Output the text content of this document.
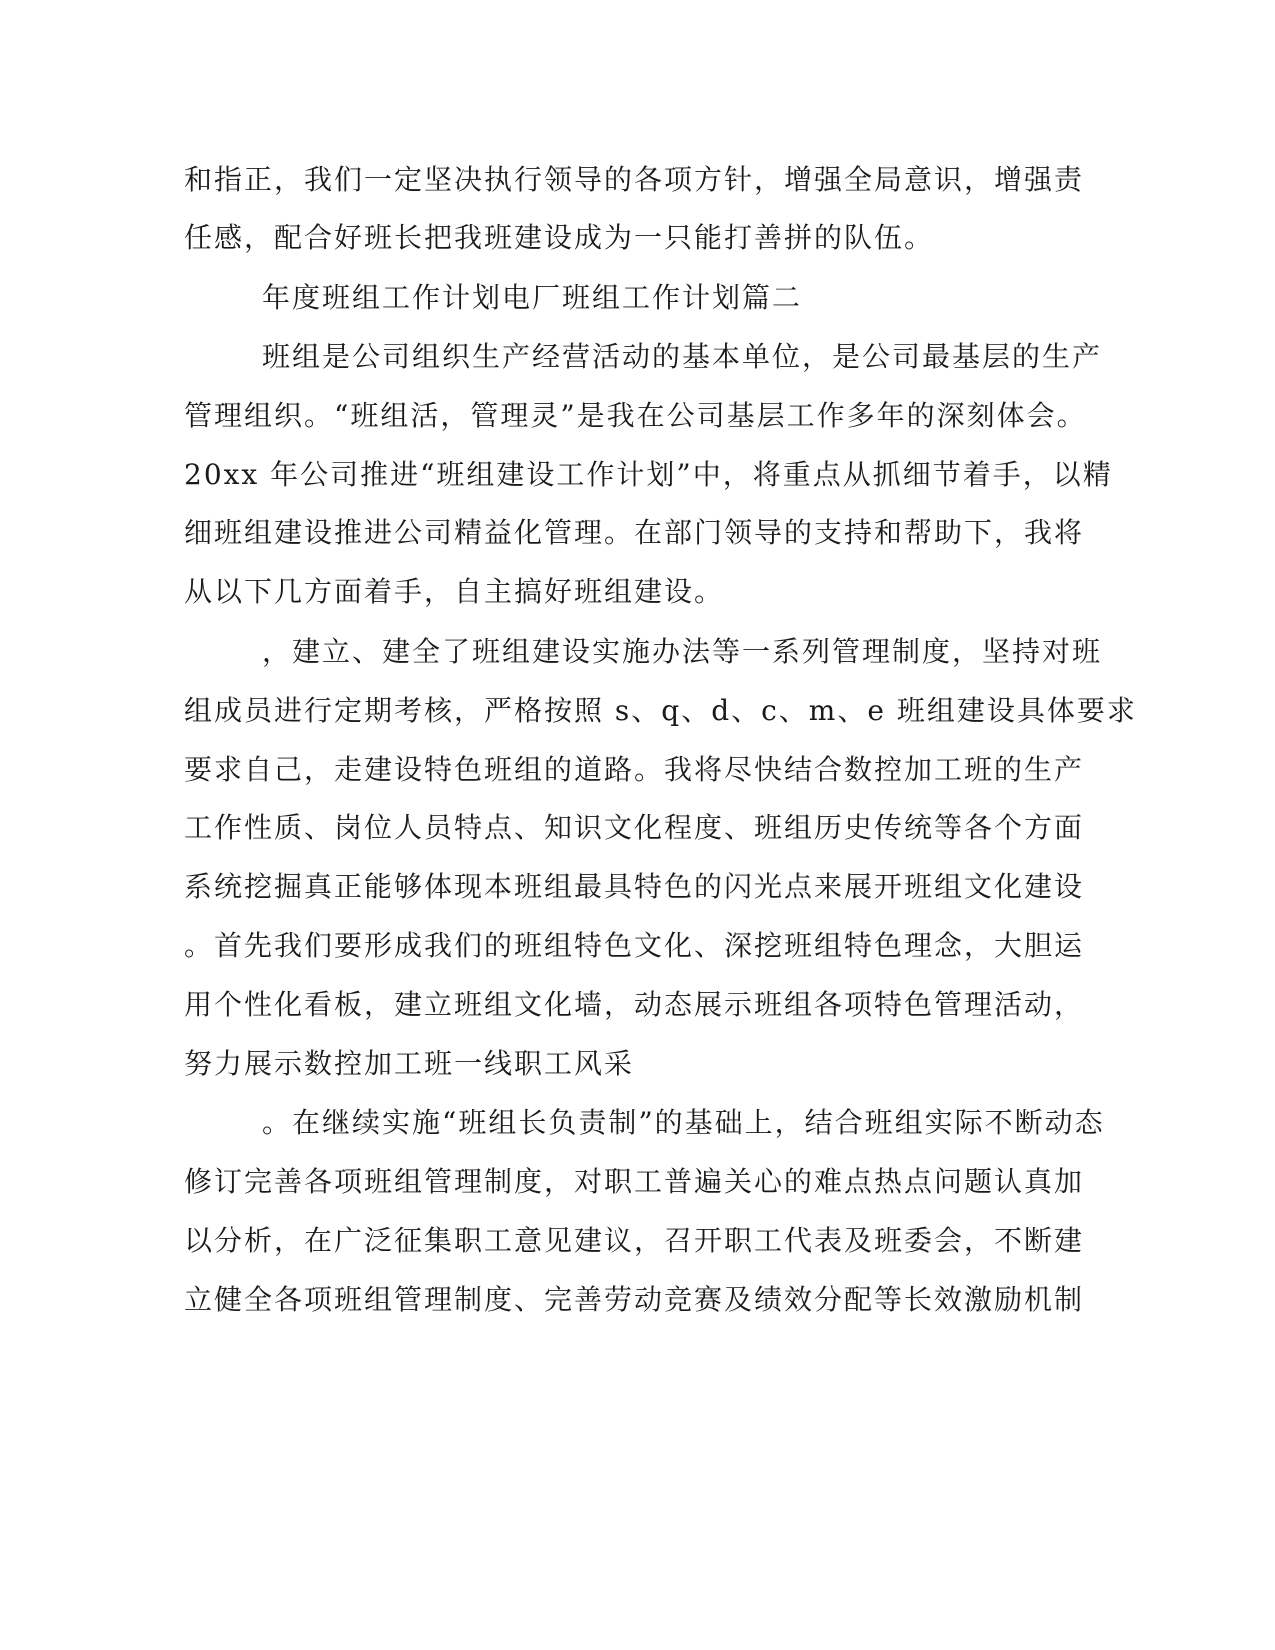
和指正，我们一定坚决执行领导的各项方针，增强全局意识，增强责
任感，配合好班长把我班建设成为一只能打善拼的队伍。
年度班组工作计划电厂班组工作计划篇二
班组是公司组织生产经营活动的基本单位，是公司最基层的生产
管理组织。“班组活，管理灵”是我在公司基层工作多年的深刻体会。
20xx 年公司推进“班组建设工作计划”中，将重点从抓细节着手，以精
细班组建设推进公司精益化管理。在部门领导的支持和帮助下，我将
从以下几方面着手，自主搞好班组建设。
，建立、建全了班组建设实施办法等一系列管理制度，坚持对班
组成员进行定期考核，严格按照 s、q、d、c、m、e 班组建设具体要求
要求自己，走建设特色班组的道路。我将尽快结合数控加工班的生产
工作性质、岗位人员特点、知识文化程度、班组历史传统等各个方面
系统挖掘真正能够体现本班组最具特色的闪光点来展开班组文化建设
。首先我们要形成我们的班组特色文化、深挖班组特色理念，大胆运
用个性化看板，建立班组文化墙，动态展示班组各项特色管理活动，
努力展示数控加工班一线职工风采
。在继续实施“班组长负责制”的基础上，结合班组实际不断动态
修订完善各项班组管理制度，对职工普遍关心的难点热点问题认真加
以分析，在广泛征集职工意见建议，召开职工代表及班委会，不断建
立健全各项班组管理制度、完善劳动竞赛及绩效分配等长效激励机制
